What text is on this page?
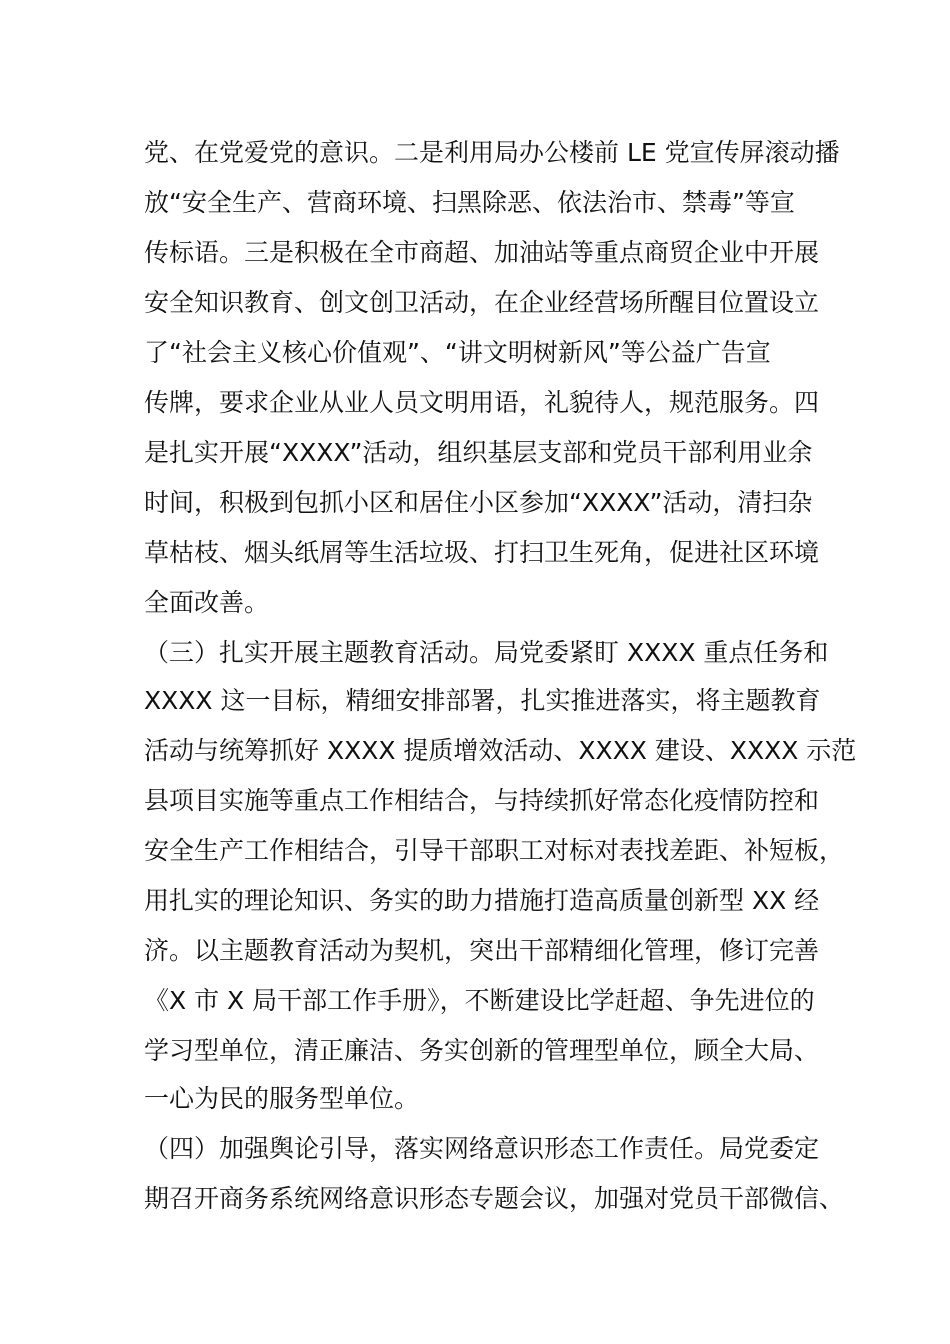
党、在党爱党的意识。二是利用局办公楼前 LE 党宣传屏滚动播
放“安全生产、营商环境、扫黑除恶、依法治市、禁毒”等宣
传标语。三是积极在全市商超、加油站等重点商贸企业中开展
安全知识教育、创文创卫活动，在企业经营场所醒目位置设立
了“社会主义核心价值观”、“讲文明树新风”等公益广告宣
传牌，要求企业从业人员文明用语，礼貌待人，规范服务。四
是扎实开展“XXXX”活动，组织基层支部和党员干部利用业余
时间，积极到包抓小区和居住小区参加“XXXX”活动，清扫杂
草枯枝、烟头纸屑等生活垃圾、打扫卫生死角，促进社区环境
全面改善。
（三）扎实开展主题教育活动。局党委紧盯 XXXX 重点任务和
XXXX 这一目标，精细安排部署，扎实推进落实，将主题教育
活动与统筹抓好 XXXX 提质增效活动、XXXX 建设、XXXX 示范
县项目实施等重点工作相结合，与持续抓好常态化疫情防控和
安全生产工作相结合，引导干部职工对标对表找差距、补短板，
用扎实的理论知识、务实的助力措施打造高质量创新型 XX 经
济。以主题教育活动为契机，突出干部精细化管理，修订完善
《X 市 X 局干部工作手册》，不断建设比学赶超、争先进位的
学习型单位，清正廉洁、务实创新的管理型单位，顾全大局、
一心为民的服务型单位。
（四）加强舆论引导，落实网络意识形态工作责任。局党委定
期召开商务系统网络意识形态专题会议，加强对党员干部微信、
